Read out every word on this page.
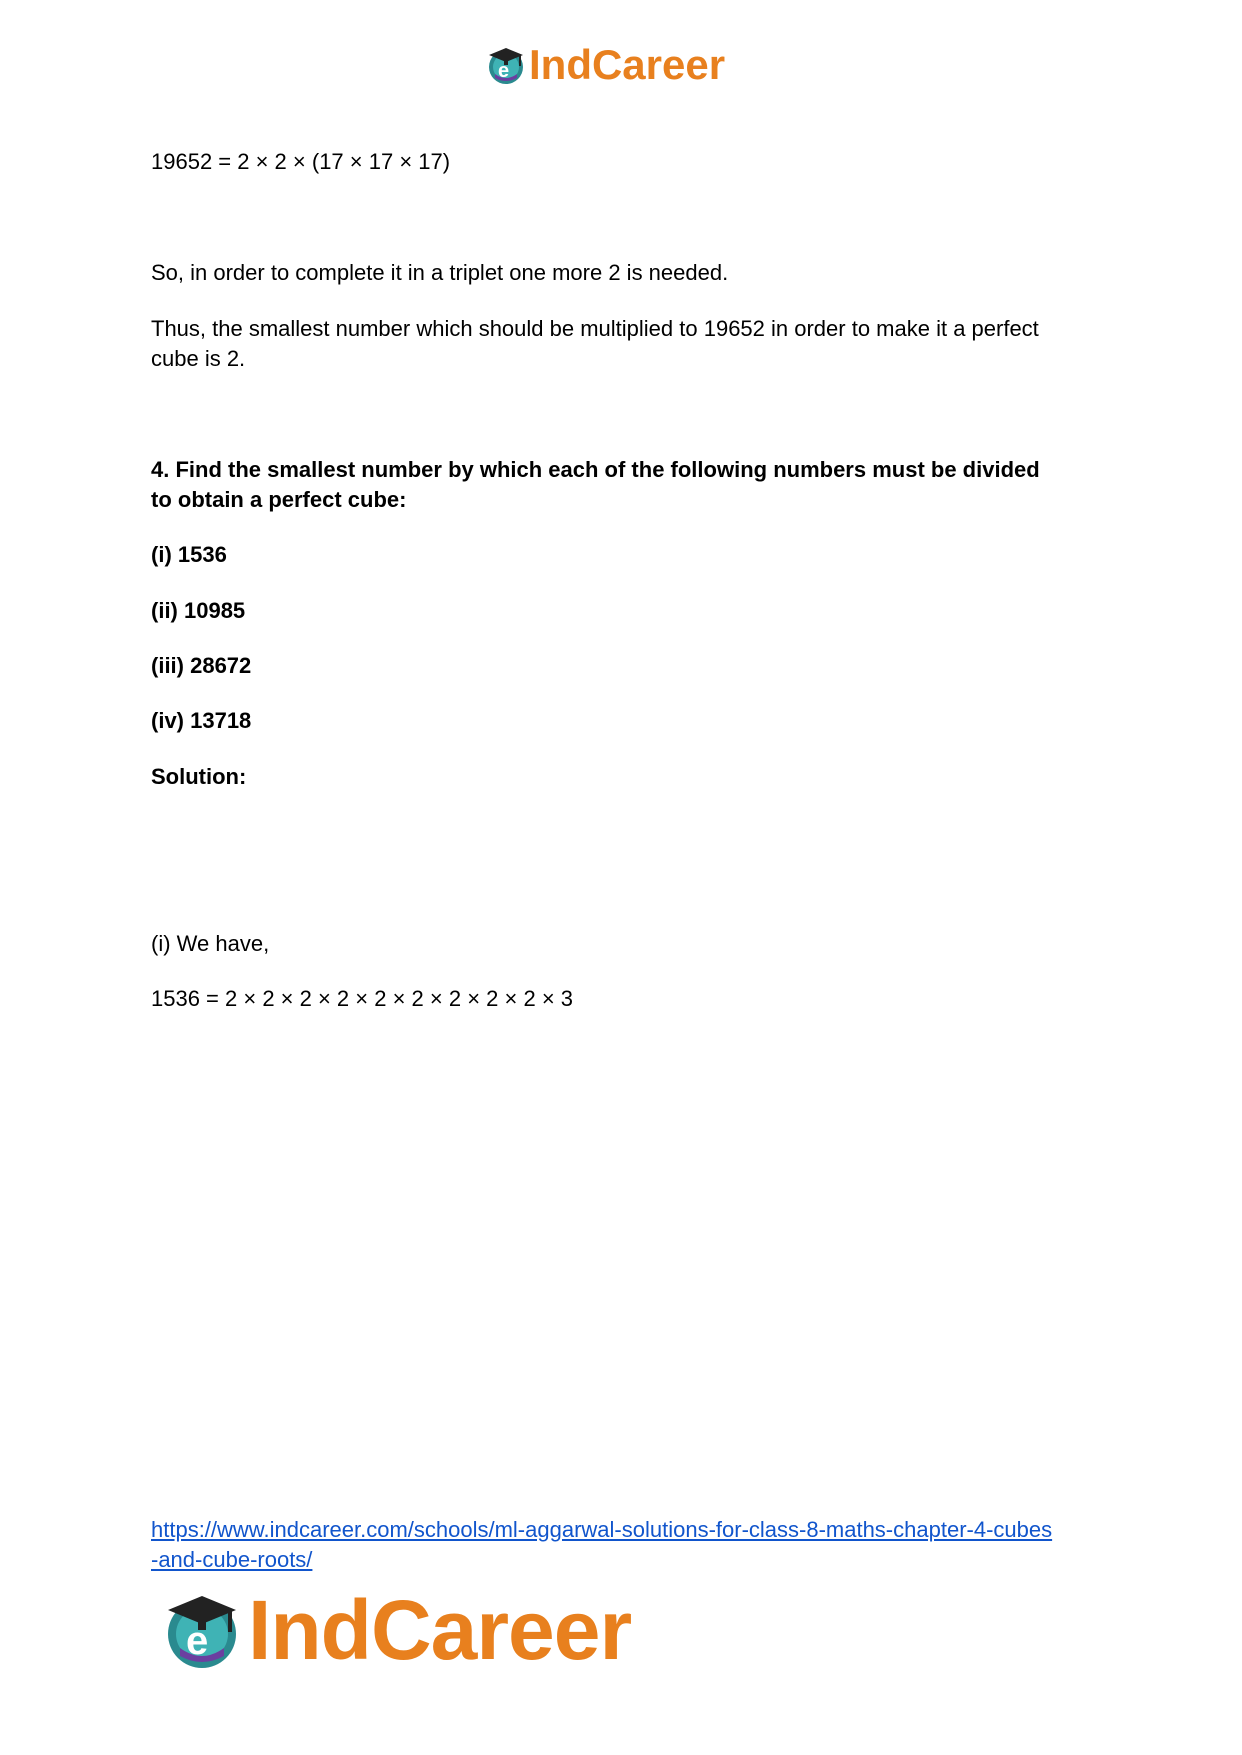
e IndCareer

19652 = 2 × 2 × (17 × 17 × 17)

So, in order to complete it in a triplet one more 2 is needed.

Thus, the smallest number which should be multiplied to 19652 in order to make it a perfect

cube is 2.

4. Find the smallest number by which each of the following numbers must be divided

to obtain a perfect cube:

(i) 1536

(ii) 10985

(iii) 28672

(iv) 13718

Solution:

(i) We have,

1536 = 2 × 2 × 2 × 2 × 2 × 2 × 2 × 2 × 2 × 3

https://www.indcareer.com/schools/ml-aggarwal-solutions-for-class-8-maths-chapter-4-cubes
-and-cube-roots/
e IndCareer
